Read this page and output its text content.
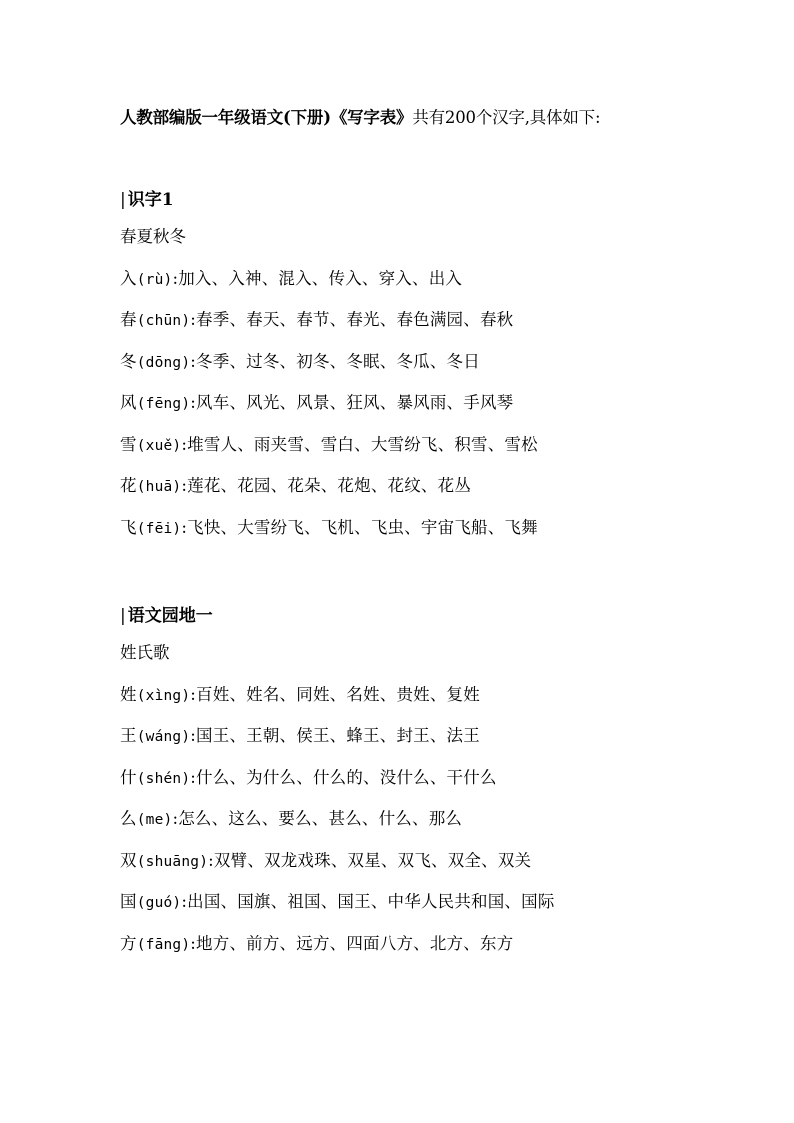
人教部编版一年级语文(下册)《写字表》共有200个汉字,具体如下:
| 识字1
春夏秋冬
入(rù):加入、入神、混入、传入、穿入、出入
春(chūn):春季、春天、春节、春光、春色满园、春秋
冬(dōng):冬季、过冬、初冬、冬眠、冬瓜、冬日
风(fēng):风车、风光、风景、狂风、暴风雨、手风琴
雪(xuě):堆雪人、雨夹雪、雪白、大雪纷飞、积雪、雪松
花(huā):莲花、花园、花朵、花炮、花纹、花丛
飞(fēi):飞快、大雪纷飞、飞机、飞虫、宇宙飞船、飞舞
| 语文园地一
姓氏歌
姓(xìng):百姓、姓名、同姓、名姓、贵姓、复姓
王(wáng):国王、王朝、侯王、蜂王、封王、法王
什(shén):什么、为什么、什么的、没什么、干什么
么(me):怎么、这么、要么、甚么、什么、那么
双(shuāng):双臂、双龙戏珠、双星、双飞、双全、双关
国(guó):出国、国旗、祖国、国王、中华人民共和国、国际
方(fāng):地方、前方、远方、四面八方、北方、东方
